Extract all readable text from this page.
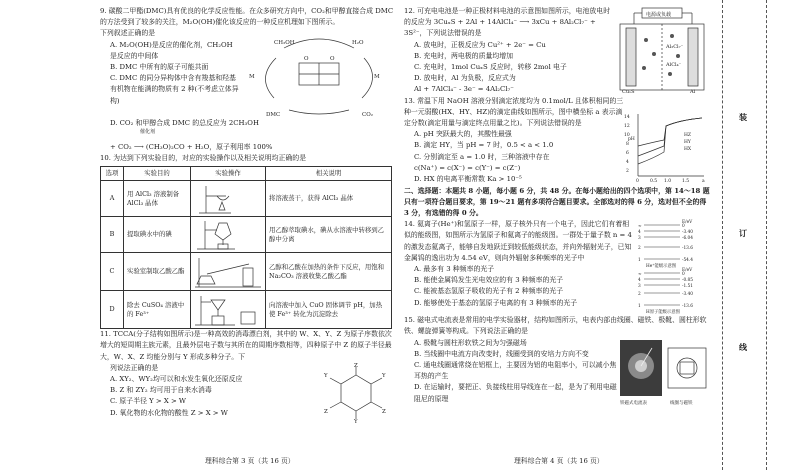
9. 碳酸二甲酯(DMC)具有优良的化学反应性能。在众多研究方向中，CO₂和甲醇直接合成 DMC 的方法受到了较多的关注，M₂O(OH)催化该反应的一种反应机理如下图所示。

下列叙述正确的是

A. M₂O(OH)是反应的催化剂，CH₂OH 是反应的中间体

B. DMC 中所有的原子可能共面

C. DMC 的同分异构体中含有羧基和羟基有机物在能满的物质有 2 种(不考虑立体异构)

CH₃OH	H₂O
M	M
O	O
DMC	CO₂

D. CO₂ 和甲醇合成 DMC 的总反应为 2CH₃OH

$^{催化剂}$
+ CO₂ ⟶ (CH₃O)₂CO + H₂O，原子利用率 100%

10. 为达到下列实验目的，对应的实验操作以及相关说明均正确的是

选项	实验目的	实验操作	相关说明
A	用 AlCl₃ 溶液制备 AlCl₃ 晶体		将溶液蒸干，获得 AlCl₃ 晶体
B	提取碘水中的碘		用乙醇萃取碘水，碘从水溶液中转移到乙醇中分离
C	实验室制取乙酸乙酯		乙醇和乙酸在加热的条件下反应，用饱和 Na₂CO₃ 溶液收集乙酸乙酯
D	除去 CuSO₄ 溶液中的 Fe³⁺		向溶液中加入 CuO 固体调节 pH，加热使 Fe³⁺ 转化为沉淀除去

11. TCCA(分子结构如图所示)是一种高效的消毒漂白剂，其中的 W、X、Y、Z 为原子序数依次增大的短周期主族元素，且最外层电子数与其所在的周期序数相等，四种原子中 Z 的原子半径最大，W、X、Z 均能分别与 Y 形成多种分子。下

列说法正确的是

A. XY₂、WY₂均可以和水发生氧化还原反应

B. Z 和 ZY₂ 均可用于自来水消毒

C. 原子半径 Y > X > W

D. 氧化物的水化物的酸性 Z > X > W

Z
Y
Z
Y
Z
Y
理科综合第 3 页（共 16 页）

12. 可充电电池是一种正极材料电池的示意图如图所示，电池放电时的反应为 3CuₓS + 2Al + 14AlCl₄⁻ ⟶ 3xCu + 8Al₂Cl₇⁻ + 3S²⁻，下列说法错误的是

A. 放电时，正极反应为 Cu²⁺ + 2e⁻ = Cu

B. 充电时，两电极的质量均增加

C. 充电时，1mol CuₓS 反应时，转移 2mol 电子

D. 放电时，Al 为负极，反应式为

Al + 7AlCl₄⁻ - 3e⁻ = 4Al₂Cl₇⁻

电源或负载
CuₓS	Al
Al₂Cl₇⁻
AlCl₄⁻

13. 常温下用 NaOH 溶液分别滴定浓度均为 0.1mol/L 且体积相同的三种一元弱酸(HX、HY、HZ)的滴定曲线如图所示，图中横坐标 a 表示滴定分数(滴定用量与滴定终点用量之比)。下列说法错误的是

A. pH 突跃最大的，其酸性最强

B. 滴定 HY，当 pH = 7 时，0.5 < a < 1.0

C. 分别滴定至 a = 1.0 时，三种溶液中存在

c(Na⁺) = c(X⁻) = c(Y⁻) = c(Z⁻)

D. HX 的电离平衡常数 Ka > 10⁻⁵

14
12
10
8
6
4
2
pH
0 0.5 1.0 1.5	a
HZ
HY
HX

二、选择题：本题共 8 小题，每小题 6 分，共 48 分。在每小题给出的四个选项中，第 14～18 题只有一项符合题目要求，第 19～21 题有多项符合题目要求。全部选对的得 6 分，选对但不全的得 3 分，有选错的得 0 分。

14. 氦离子(He⁺)和氢原子一样，原子核外只有一个电子，因此它们有着相似的能级图，如图所示为氢原子和氦离子的能级图。一群处于量子数 n = 4 的激发态氦离子，能够自发地跃迁到较低能级状态，并向外辐射光子，已知金属钨的逸出功为 4.54 eV，则向外辐射多种频率的光子中

A. 最多有 3 种频率的光子

B. 能使金属钨发生光电效应的有 3 种频率的光子

C. 能被基态氢原子吸收的光子有 2 种频率的光子

D. 能够使处于基态的氢原子电离的有 3 种频率的光子

E/eV
0
-3.40
-6.04
-13.6
-54.4
∞
4
3
2
1
He⁺能级示意图
E/eV
0
-0.85
-1.51
-3.40
-13.6
∞
4
3
2
1
H原子能级示意图

15. 磁电式电流表是常用的电学实验器材，结构如图所示，电表内部由线圈、磁铁、极靴、圆柱形软铁、螺旋弹簧等构成。下列说法正确的是

A. 极靴与圆柱形软铁之间为匀强磁场

B. 当线圈中电流方向改变时，线圈受到的安培力方向不变

C. 通电线圈通常绕在铝框上，主要因为铝的电阻率小，可以减小焦耳热的产生

D. 在运输时，要把正、负接线柱用导线连在一起，是为了利用电磁阻尼的原理

铁磁式电流表	线圈与磁铁
理科综合第 4 页（共 16 页）
装
订
线
